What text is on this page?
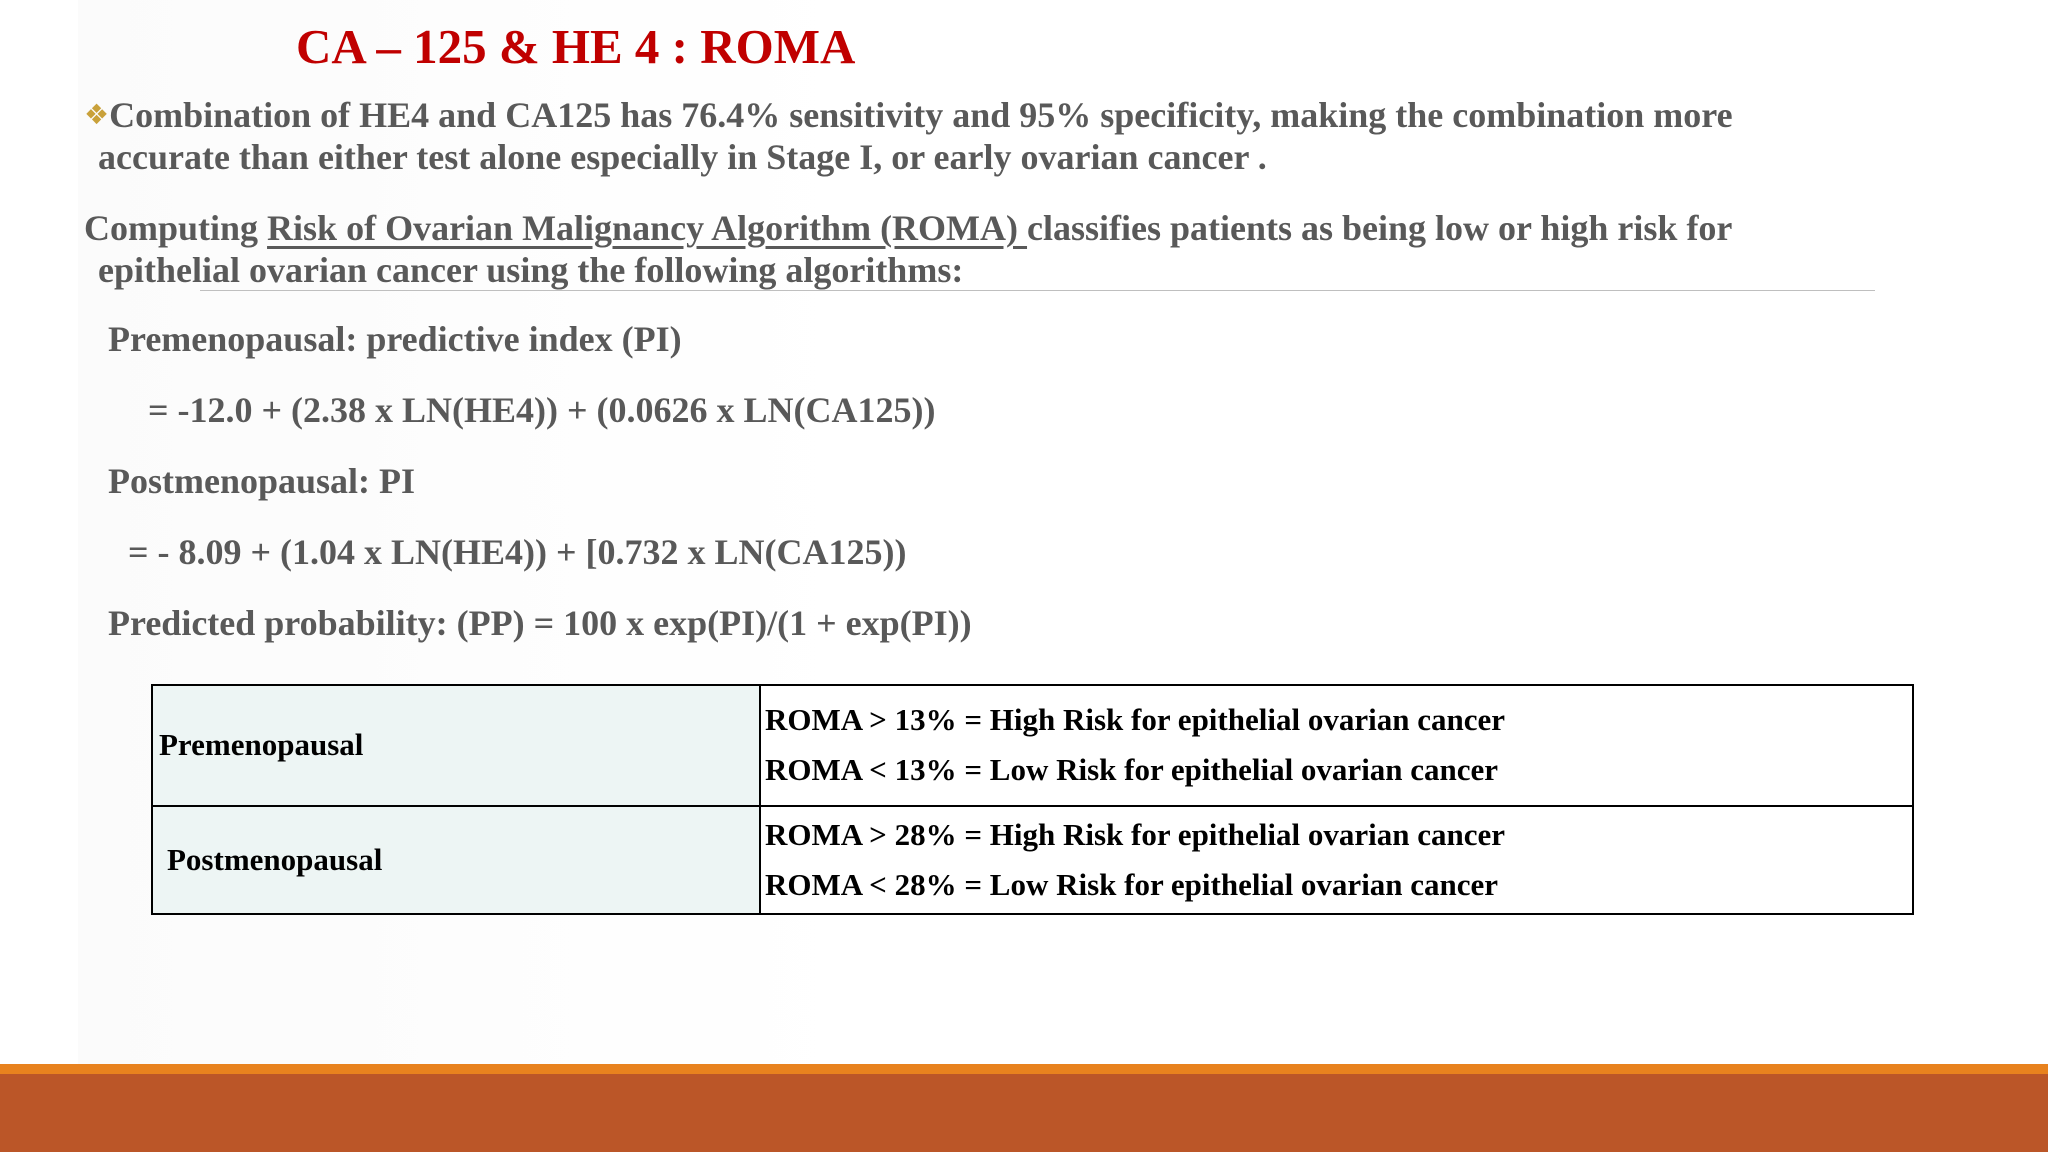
CA – 125 & HE 4 : ROMA
❖Combination of HE4 and CA125 has 76.4% sensitivity and 95% specificity, making the combination more
accurate than either test alone especially in Stage I, or early ovarian cancer .
Computing Risk of Ovarian Malignancy Algorithm (ROMA) classifies patients as being low or high risk for
epithelial ovarian cancer using the following algorithms:
Premenopausal: predictive index (PI)
= -12.0 + (2.38 x LN(HE4)) + (0.0626 x LN(CA125))
Postmenopausal: PI
= - 8.09 + (1.04 x LN(HE4)) + [0.732 x LN(CA125))
Predicted probability: (PP) = 100 x exp(PI)/(1 + exp(PI))
Premenopausal	ROMA > 13% = High Risk for epithelial ovarian cancer
ROMA < 13% = Low Risk for epithelial ovarian cancer

Postmenopausal	ROMA > 28% = High Risk for epithelial ovarian cancer
ROMA < 28% = Low Risk for epithelial ovarian cancer
